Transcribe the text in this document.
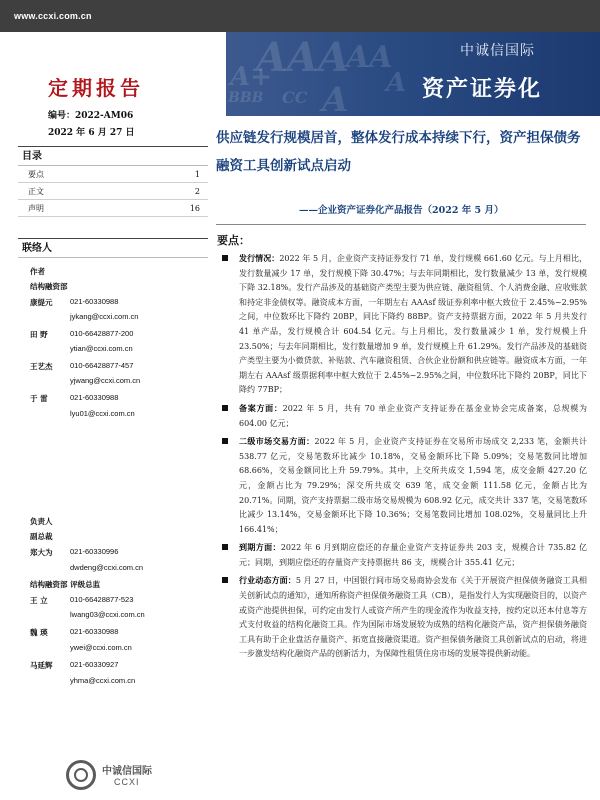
www.ccxi.com.cn
AAA
A+
AA
BBB CC A A
中诚信国际
资产证券化
定期报告
编号：2022-AM06
2022 年 6 月 27 日
目录
要点	1
正文	2
声明	16
联络人
作者
结构融资部
康缇元 021-60330988
jykang@ccxi.com.cn
田 野	010-66428877-200
ytian@ccxi.com.cn
王艺杰 010-66428877-457
yjwang@ccxi.com.cn
于 雷	021-60330988
lyu01@ccxi.com.cn
负责人
副总裁
郑大为 021-60330996
dwdeng@ccxi.com.cn
结构融资部 评级总监
王 立	010-66428877-523
lwang03@ccxi.com.cn
魏 瑛	021-60330988
ywei@ccxi.com.cn
马延辉 021-60330927
yhma@ccxi.com.cn
中诚信国际
CCXI
供应链发行规模居首，整体发行成本持续下行，资产担保债务融资工具创新试点启动
——企业资产证券化产品报告（2022 年 5 月）
要点：
发行情况：2022 年 5 月，企业资产支持证券发行 71 单，发行规模 661.60 亿元。与上月相比，发行数量减少 17 单，发行规模下降 30.47%；与去年同期相比，发行数量减少 13 单，发行规模下降 32.18%。发行产品涉及的基础资产类型主要为供应链、融资租赁、个人消费金融、应收账款和持定非金债权等。融资成本方面，一年期左右 AAAsf 级证券利率中枢大致位于 2.45%~2.95%之间，中位数环比下降约 20BP，同比下降约 88BP。资产支持票据方面，2022 年 5 月共发行 41 单产品，发行规模合计 604.54 亿元。与上月相比，发行数量减少 1 单，发行规模上升 23.50%；与去年同期相比，发行数量增加 9 单，发行规模上升 61.29%。发行产品涉及的基础资产类型主要为小微贷款、补贴款、汽车融资租赁、合伙企业份额和供应链等。融资成本方面，一年期左右 AAAsf 级票据利率中枢大致位于 2.45%~2.95%之间，中位数环比下降约 20BP，同比下降约 77BP；
备案方面：2022 年 5 月，共有 70 单企业资产支持证券在基金业协会完成备案，总规模为 604.00 亿元；
二级市场交易方面：2022 年 5 月，企业资产支持证券在交易所市场成交 2,233 笔，金额共计 538.77 亿元，交易笔数环比减少 10.18%，交易金额环比下降 5.09%；交易笔数同比增加 68.66%，交易金额同比上升 59.79%。其中，上交所共成交 1,594 笔，成交金额 427.20 亿元，金额占比为 79.29%；深交所共成交 639 笔，成交金额 111.58 亿元，金额占比为 20.71%。同期，资产支持票据二级市场交易规模为 608.92 亿元，成交共计 337 笔，交易笔数环比减少 13.14%，交易金额环比下降 10.36%；交易笔数同比增加 108.02%，交易量同比上升 166.41%；
到期方面：2022 年 6 月到期应偿还的存量企业资产支持证券共 203 支，规模合计 735.82 亿元；同期，到期应偿还的存量资产支持票据共 86 支，规模合计 355.41 亿元；
行业动态方面：5 月 27 日，中国银行间市场交易商协会发布《关于开展资产担保债务融资工具相关创新试点的通知》，通知所称资产担保债务融资工具（CB），是指发行人为实现融资目的，以资产或资产池提供担保，可约定由发行人或资产所产生的现金流作为收益支持，按约定以还本付息等方式支付收益的结构化融资工具。作为国际市场发展较为成熟的结构化融资产品，资产担保债务融资工具有助于企业盘活存量资产、拓宽直接融资渠道。资产担保债务融资工具创新试点的启动，将进一步激发结构化融资产品的创新活力，为保障性租赁住房市场的发展等提供新动能。
